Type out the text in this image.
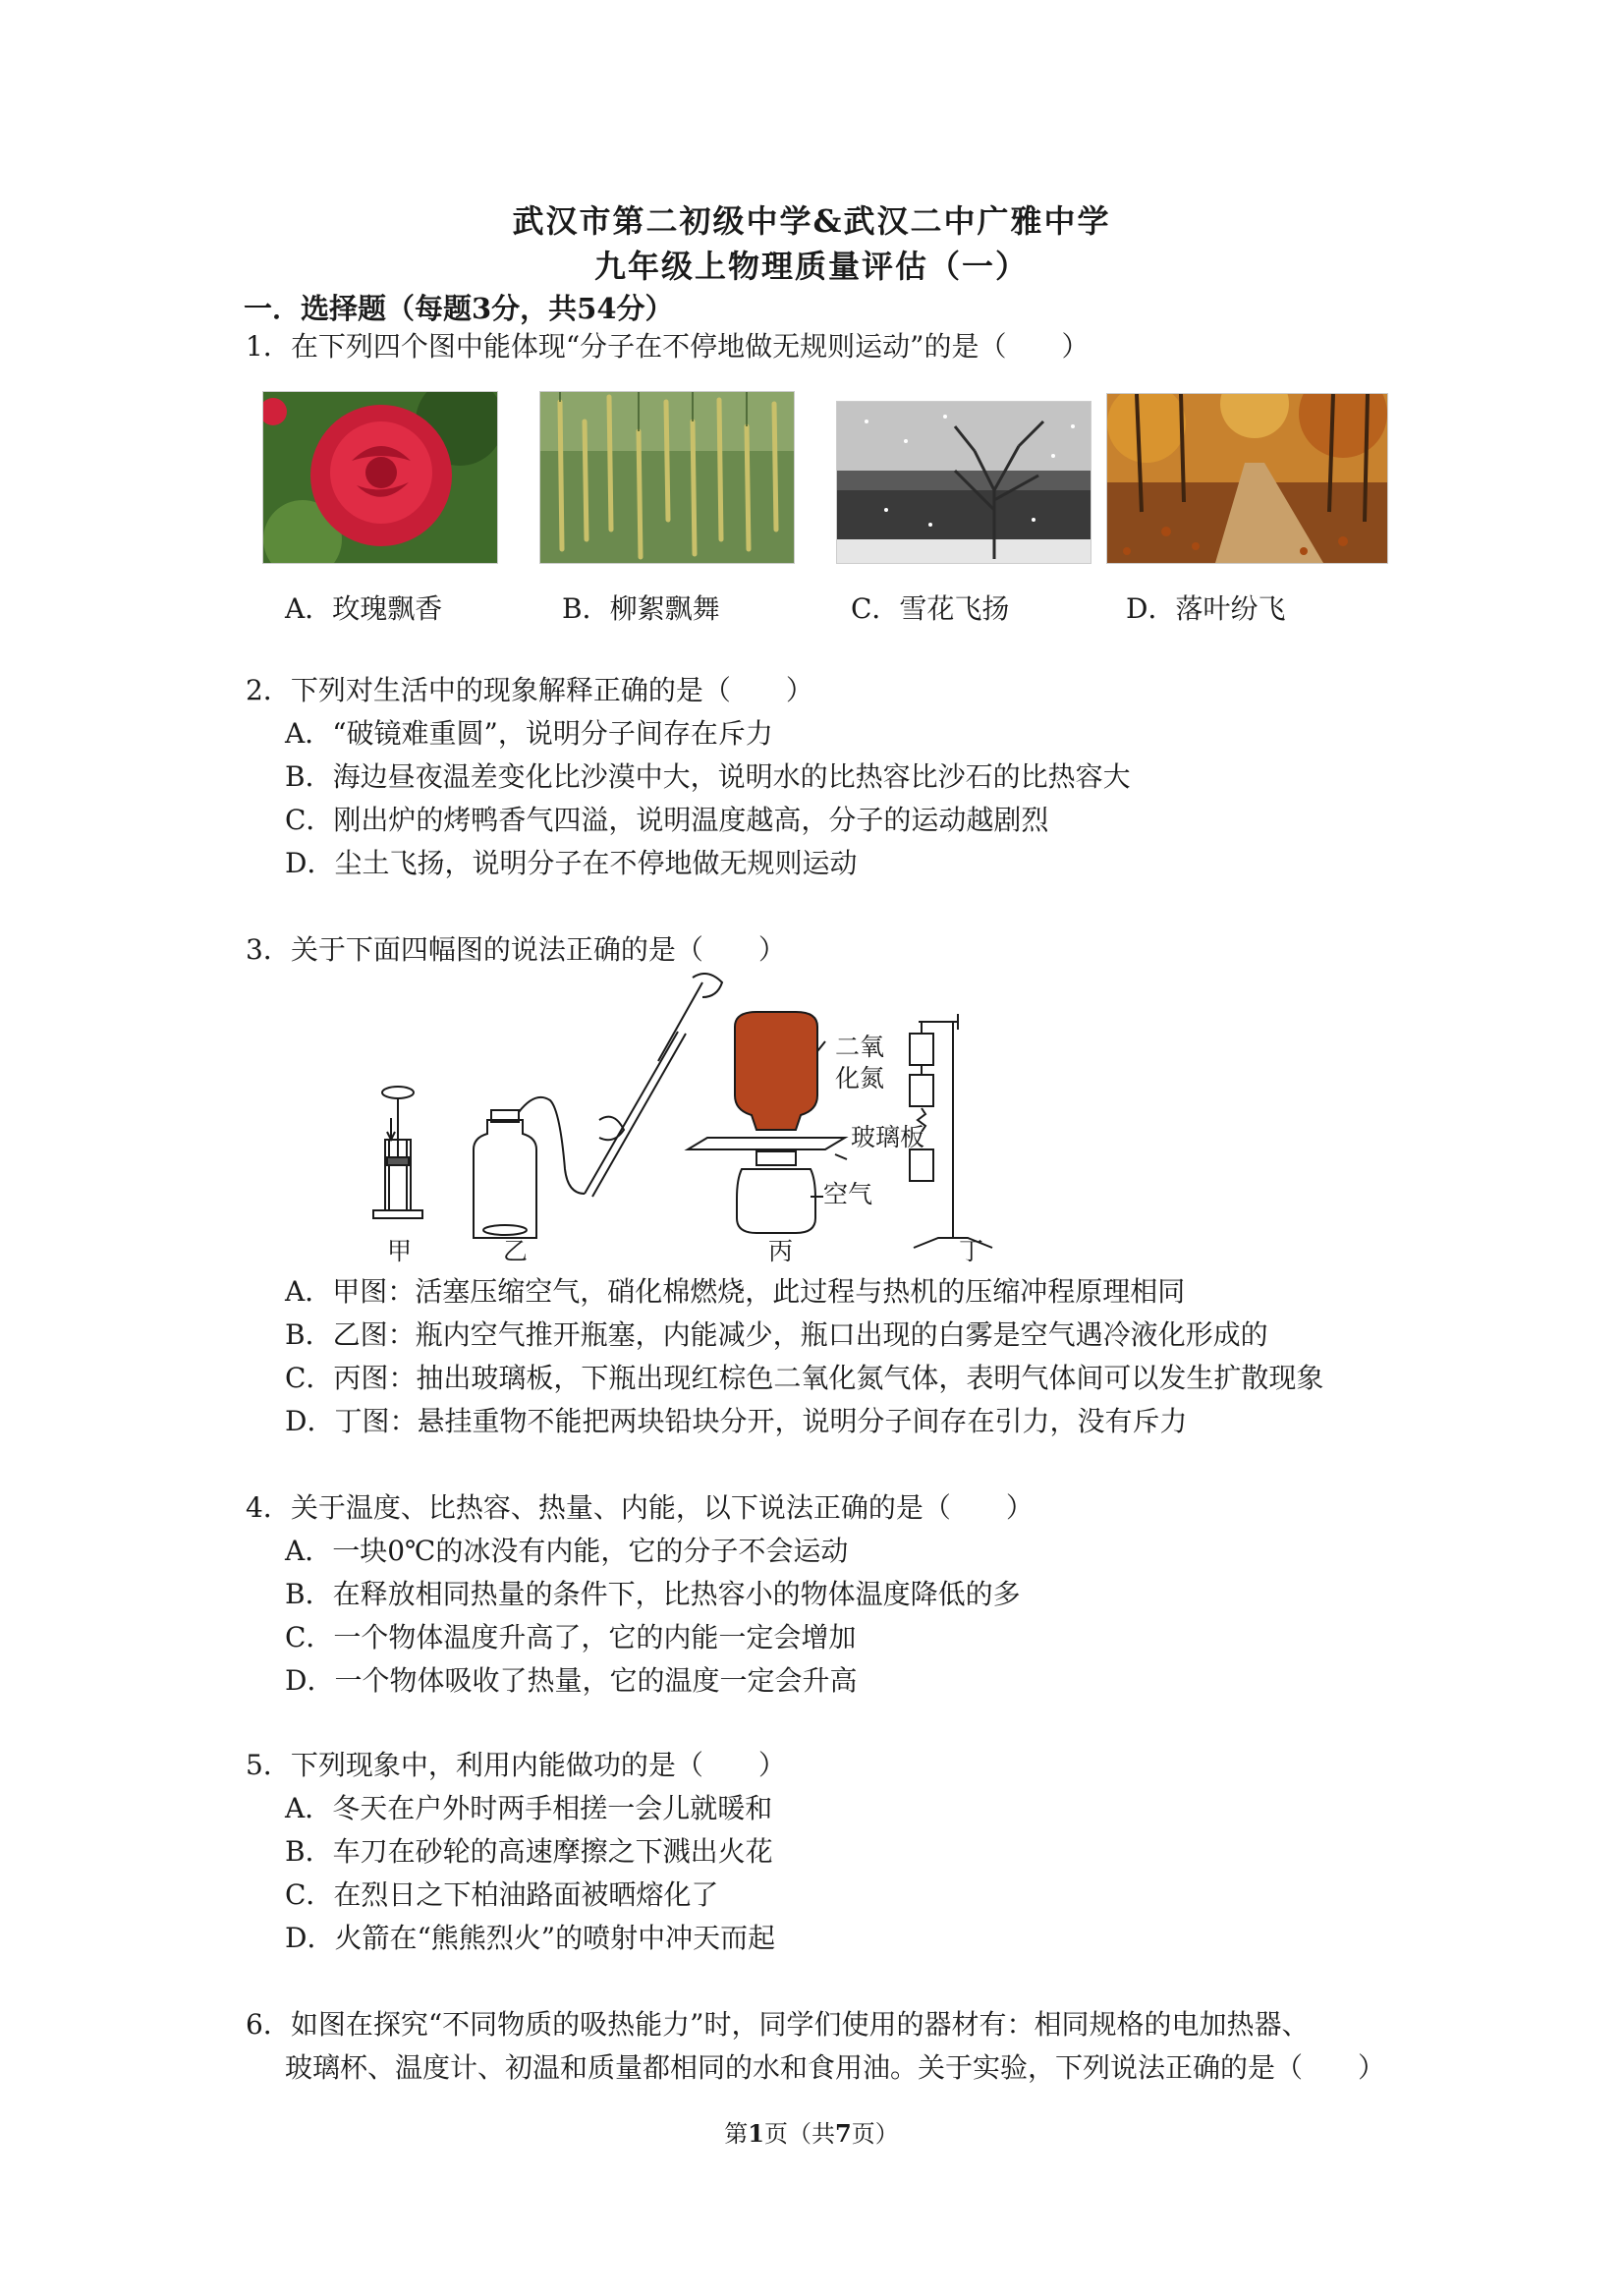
武汉市第二初级中学&武汉二中广雅中学
九年级上物理质量评估（一）
一．选择题（每题3分，共54分）
1．在下列四个图中能体现“分子在不停地做无规则运动”的是（　　）
A．玫瑰飘香	B．柳絮飘舞	C．雪花飞扬	D．落叶纷飞
2．下列对生活中的现象解释正确的是（　　）
A．“破镜难重圆”，说明分子间存在斥力
B．海边昼夜温差变化比沙漠中大，说明水的比热容比沙石的比热容大
C．刚出炉的烤鸭香气四溢，说明温度越高，分子的运动越剧烈
D．尘土飞扬，说明分子在不停地做无规则运动
3．关于下面四幅图的说法正确的是（　　）
二氧
化氮
玻璃板
空气
甲	乙	丙	丁
A．甲图：活塞压缩空气，硝化棉燃烧，此过程与热机的压缩冲程原理相同
B．乙图：瓶内空气推开瓶塞，内能减少，瓶口出现的白雾是空气遇冷液化形成的
C．丙图：抽出玻璃板，下瓶出现红棕色二氧化氮气体，表明气体间可以发生扩散现象
D．丁图：悬挂重物不能把两块铅块分开，说明分子间存在引力，没有斥力
4．关于温度、比热容、热量、内能，以下说法正确的是（　　）
A．一块0℃的冰没有内能，它的分子不会运动
B．在释放相同热量的条件下，比热容小的物体温度降低的多
C．一个物体温度升高了，它的内能一定会增加
D．一个物体吸收了热量，它的温度一定会升高
5．下列现象中，利用内能做功的是（　　）
A．冬天在户外时两手相搓一会儿就暖和
B．车刀在砂轮的高速摩擦之下溅出火花
C．在烈日之下柏油路面被晒熔化了
D．火箭在“熊熊烈火”的喷射中冲天而起
6．如图在探究“不同物质的吸热能力”时，同学们使用的器材有：相同规格的电加热器、
玻璃杯、温度计、初温和质量都相同的水和食用油。关于实验，下列说法正确的是（　　）
第1页（共7页）
